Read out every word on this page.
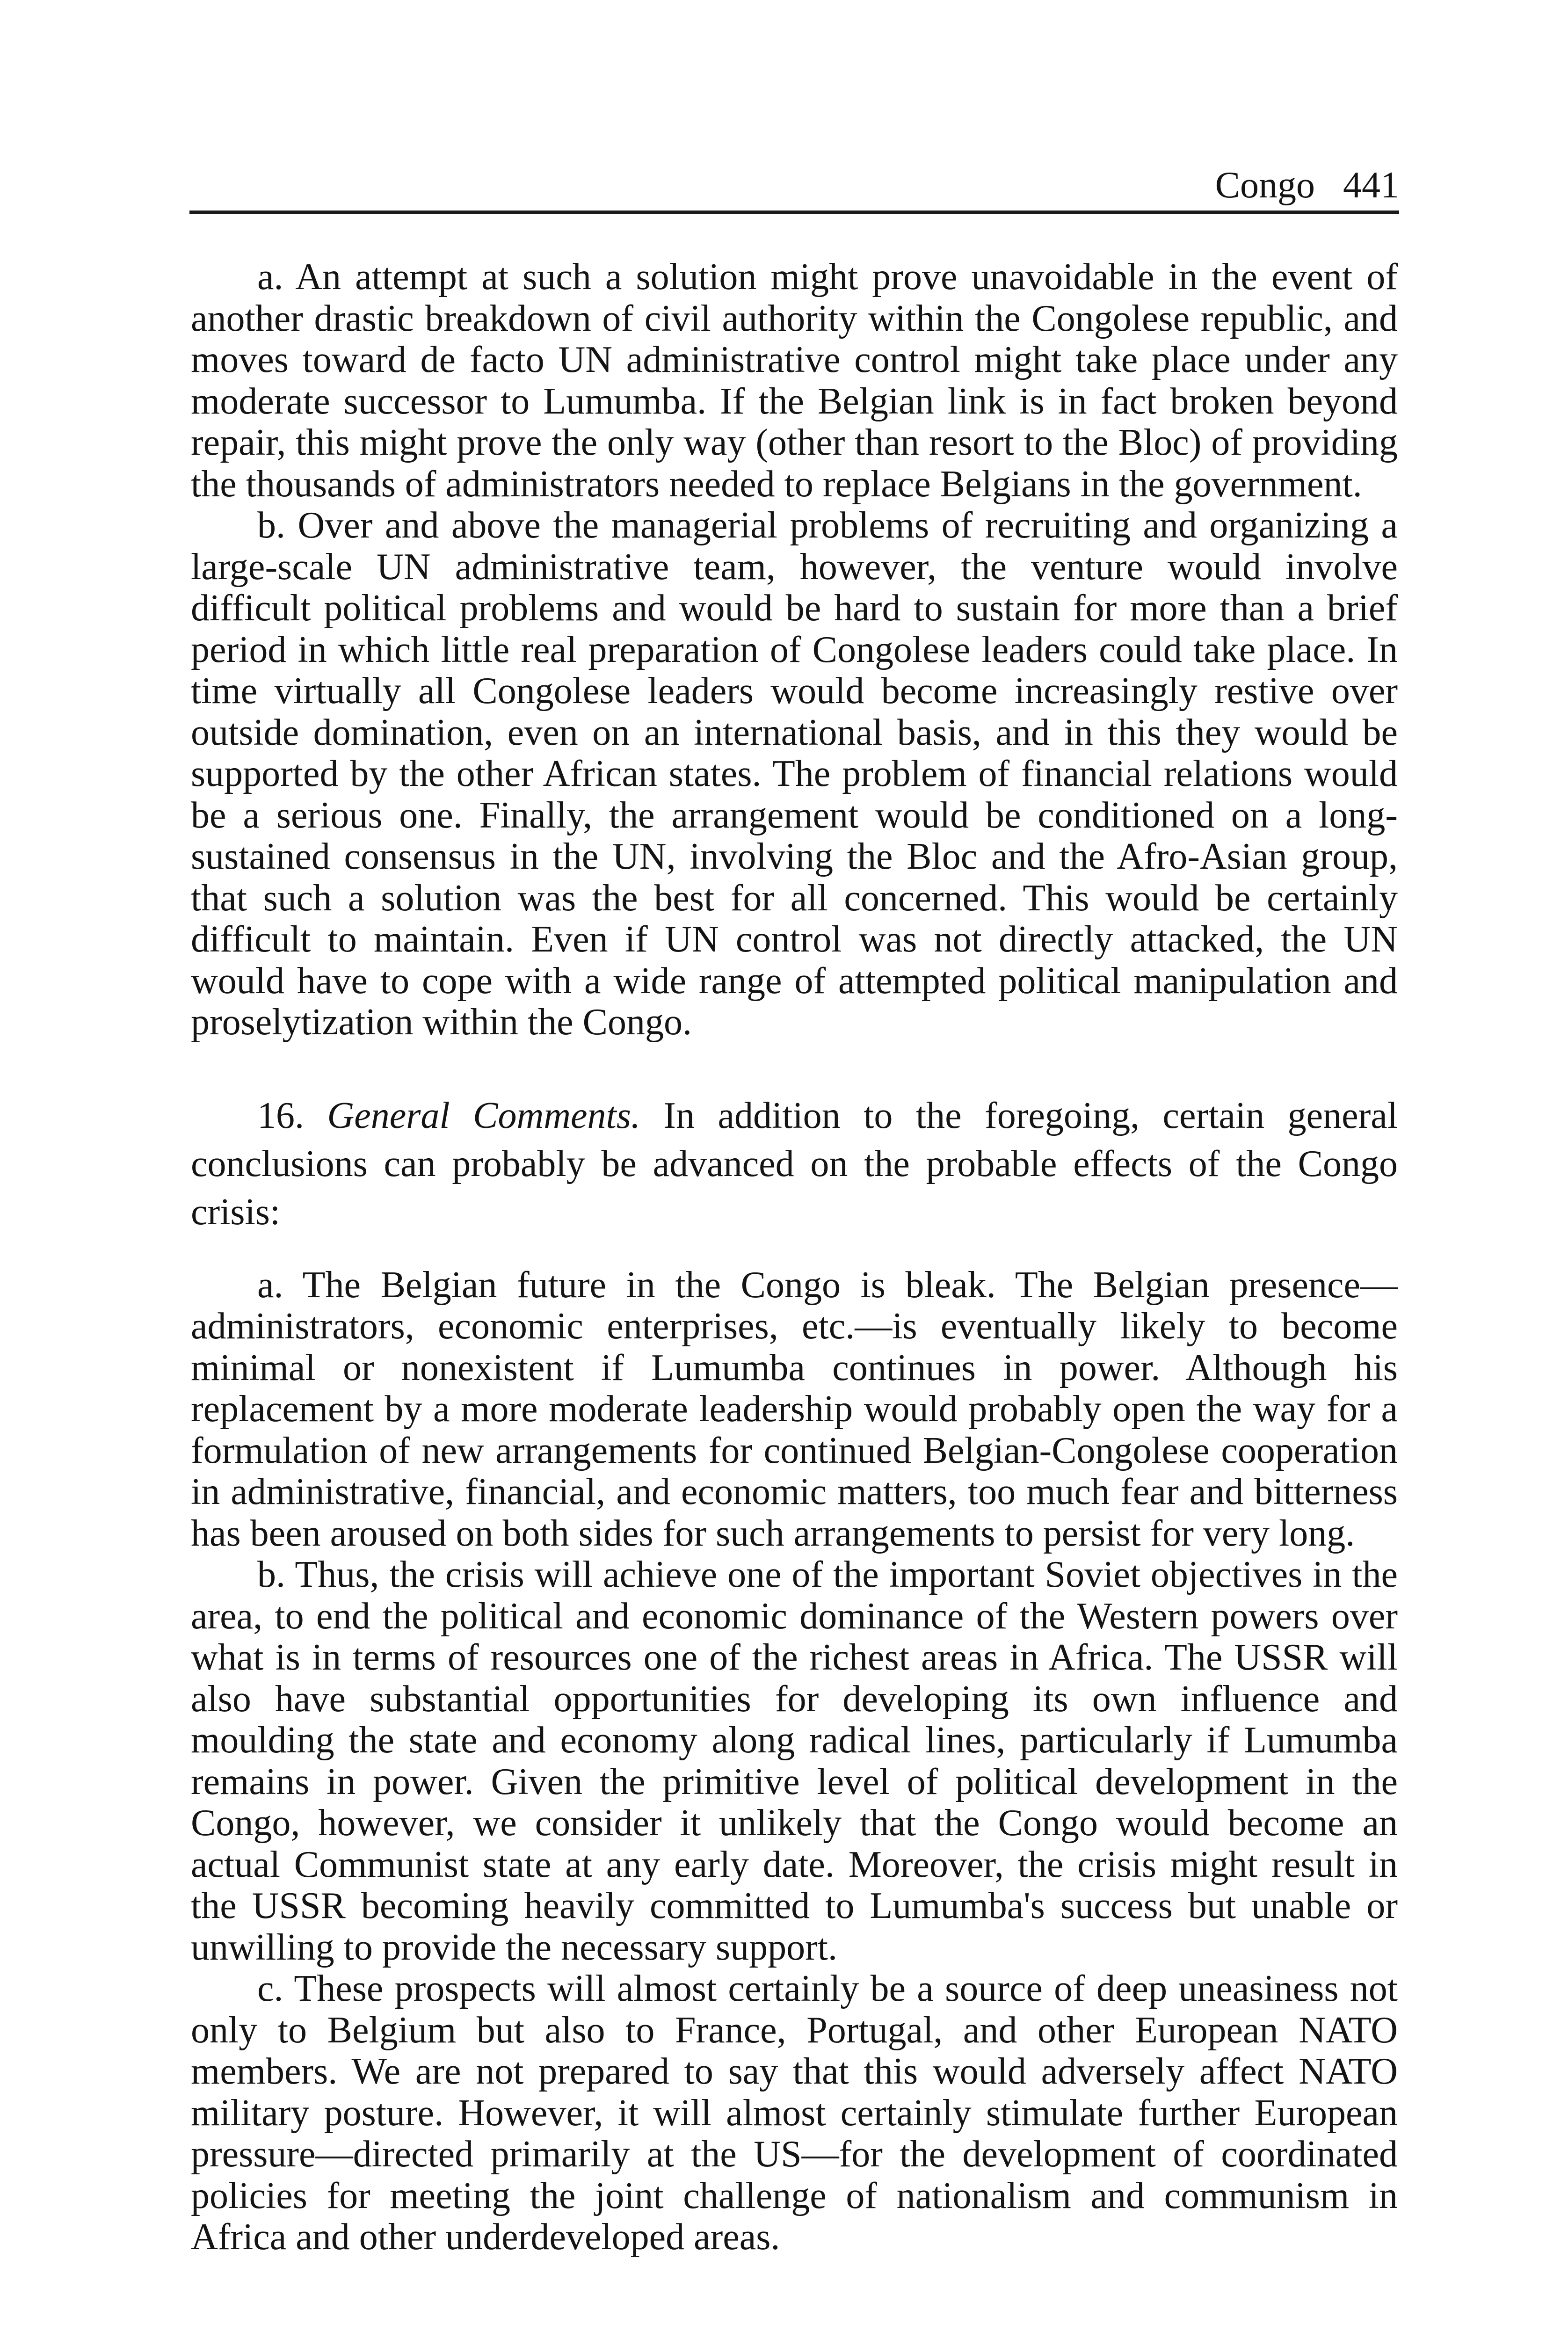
Congo 441

a. An attempt at such a solution might prove unavoidable in the event of another drastic breakdown of civil authority within the Congolese republic, and moves toward de facto UN administrative control might take place under any moderate successor to Lumumba. If the Belgian link is in fact broken beyond repair, this might prove the only way (other than resort to the Bloc) of providing the thousands of administrators needed to replace Belgians in the government.

b. Over and above the managerial problems of recruiting and organizing a large-scale UN administrative team, however, the venture would involve difficult political problems and would be hard to sustain for more than a brief period in which little real preparation of Congolese leaders could take place. In time virtually all Congolese leaders would become increasingly restive over outside domination, even on an international basis, and in this they would be supported by the other African states. The problem of financial relations would be a serious one. Finally, the arrangement would be conditioned on a long-sustained consensus in the UN, involving the Bloc and the Afro-Asian group, that such a solution was the best for all concerned. This would be certainly difficult to maintain. Even if UN control was not directly attacked, the UN would have to cope with a wide range of attempted political manipulation and proselytization within the Congo.

16. General Comments. In addition to the foregoing, certain general conclusions can probably be advanced on the probable effects of the Congo crisis:

a. The Belgian future in the Congo is bleak. The Belgian presence—administrators, economic enterprises, etc.—is eventually likely to become minimal or nonexistent if Lumumba continues in power. Although his replacement by a more moderate leadership would probably open the way for a formulation of new arrangements for continued Belgian-Congolese cooperation in administrative, financial, and economic matters, too much fear and bitterness has been aroused on both sides for such arrangements to persist for very long.

b. Thus, the crisis will achieve one of the important Soviet objectives in the area, to end the political and economic dominance of the Western powers over what is in terms of resources one of the richest areas in Africa. The USSR will also have substantial opportunities for developing its own influence and moulding the state and economy along radical lines, particularly if Lumumba remains in power. Given the primitive level of political development in the Congo, however, we consider it unlikely that the Congo would become an actual Communist state at any early date. Moreover, the crisis might result in the USSR becoming heavily committed to Lumumba's success but unable or unwilling to provide the necessary support.

c. These prospects will almost certainly be a source of deep uneasiness not only to Belgium but also to France, Portugal, and other European NATO members. We are not prepared to say that this would adversely affect NATO military posture. However, it will almost certainly stimulate further European pressure—directed primarily at the US—for the development of coordinated policies for meeting the joint challenge of nationalism and communism in Africa and other underdeveloped areas.
